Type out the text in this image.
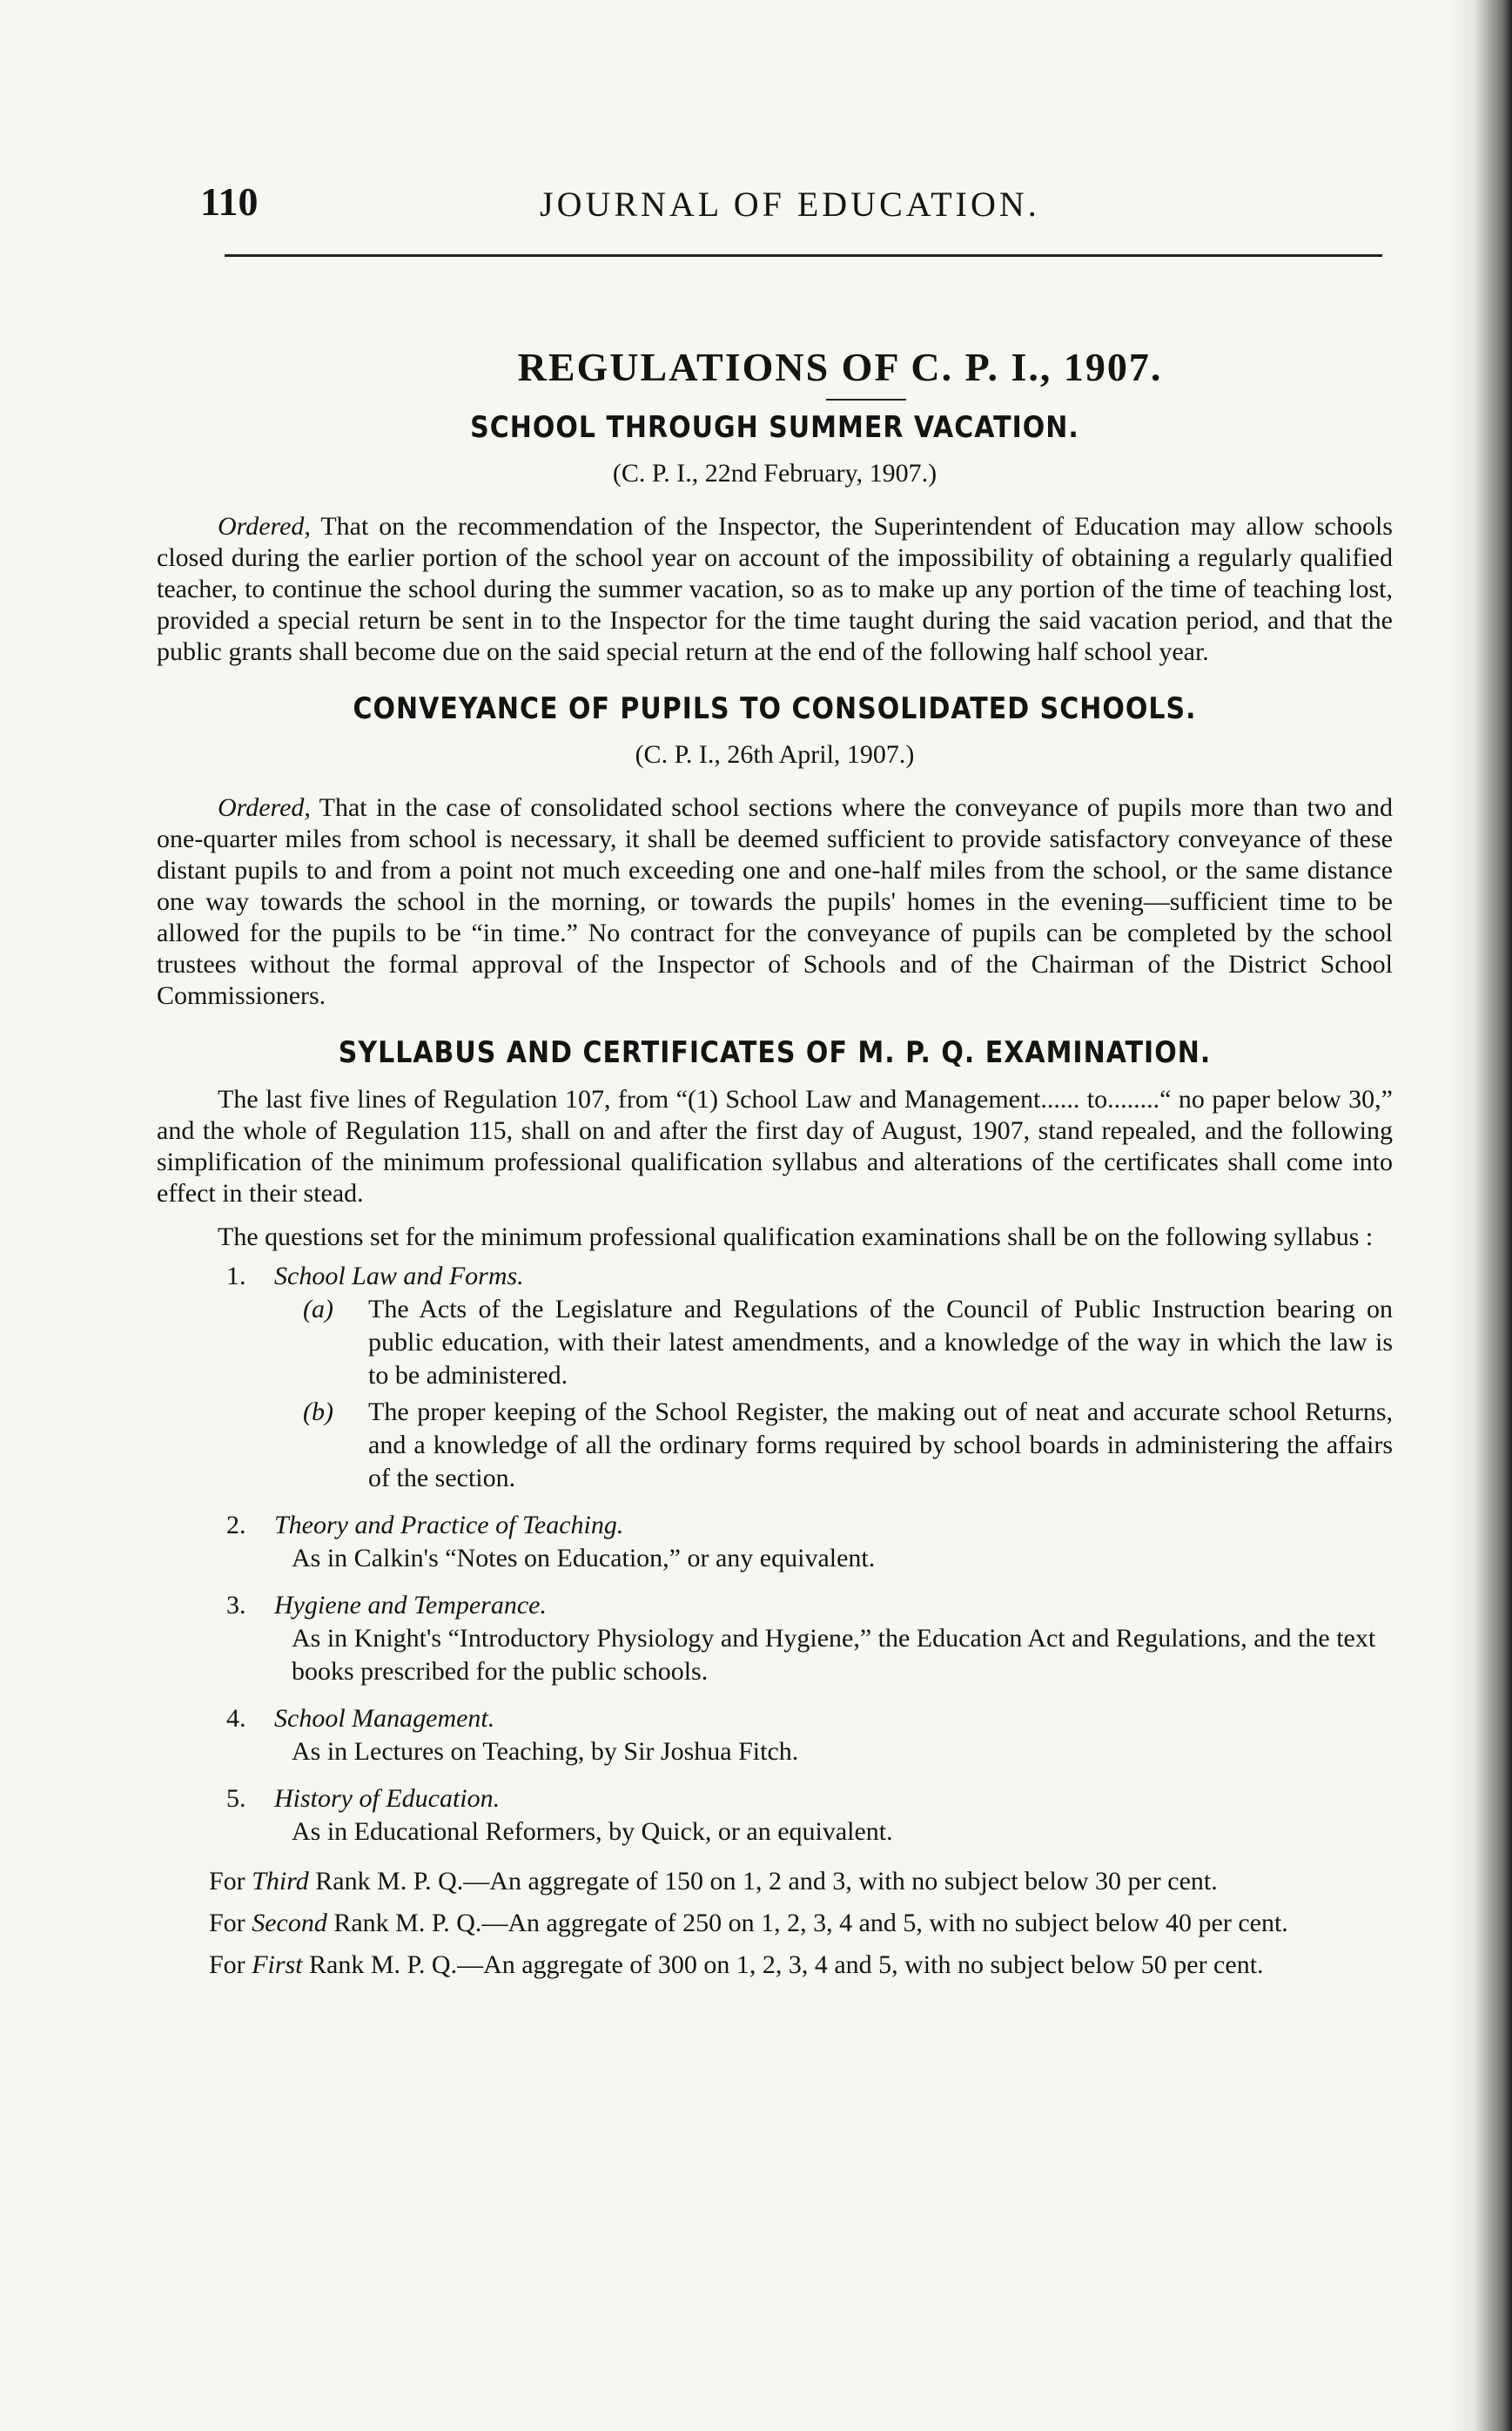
110	JOURNAL OF EDUCATION.
REGULATIONS OF C. P. I., 1907.
SCHOOL THROUGH SUMMER VACATION.
(C. P. I., 22nd February, 1907.)

Ordered, That on the recommendation of the Inspector, the Superintendent of Education may allow schools closed during the earlier portion of the school year on account of the impossibility of obtaining a regularly qualified teacher, to continue the school during the summer vacation, so as to make up any portion of the time of teaching lost, provided a special return be sent in to the Inspector for the time taught during the said vacation period, and that the public grants shall become due on the said special return at the end of the following half school year.

CONVEYANCE OF PUPILS TO CONSOLIDATED SCHOOLS.
(C. P. I., 26th April, 1907.)

Ordered, That in the case of consolidated school sections where the conveyance of pupils more than two and one-quarter miles from school is necessary, it shall be deemed sufficient to provide satisfactory conveyance of these distant pupils to and from a point not much exceeding one and one-half miles from the school, or the same distance one way towards the school in the morning, or towards the pupils' homes in the evening—sufficient time to be allowed for the pupils to be “in time.” No contract for the conveyance of pupils can be completed by the school trustees without the formal approval of the Inspector of Schools and of the Chairman of the District School Commissioners.

SYLLABUS AND CERTIFICATES OF M. P. Q. EXAMINATION.

The last five lines of Regulation 107, from “(1) School Law and Management...... to........“ no paper below 30,” and the whole of Regulation 115, shall on and after the first day of August, 1907, stand repealed, and the following simplification of the minimum professional qualification syllabus and alterations of the certificates shall come into effect in their stead.

The questions set for the minimum professional qualification examinations shall be on the following syllabus :

1. School Law and Forms.
(a)	The Acts of the Legislature and Regulations of the Council of Public Instruction bearing on public education, with their latest amendments, and a knowledge of the way in which the law is to be administered.
(b)	The proper keeping of the School Register, the making out of neat and accurate school Returns, and a knowledge of all the ordinary forms required by school boards in administering the affairs of the section.
2. Theory and Practice of Teaching.
As in Calkin's “Notes on Education,” or any equivalent.
3. Hygiene and Temperance.
As in Knight's “Introductory Physiology and Hygiene,” the Education Act and Regulations, and the text books prescribed for the public schools.
4. School Management.
As in Lectures on Teaching, by Sir Joshua Fitch.
5. History of Education.
As in Educational Reformers, by Quick, or an equivalent.

For Third Rank M. P. Q.—An aggregate of 150 on 1, 2 and 3, with no subject below 30 per cent.

For Second Rank M. P. Q.—An aggregate of 250 on 1, 2, 3, 4 and 5, with no subject below 40 per cent.

For First Rank M. P. Q.—An aggregate of 300 on 1, 2, 3, 4 and 5, with no subject below 50 per cent.
